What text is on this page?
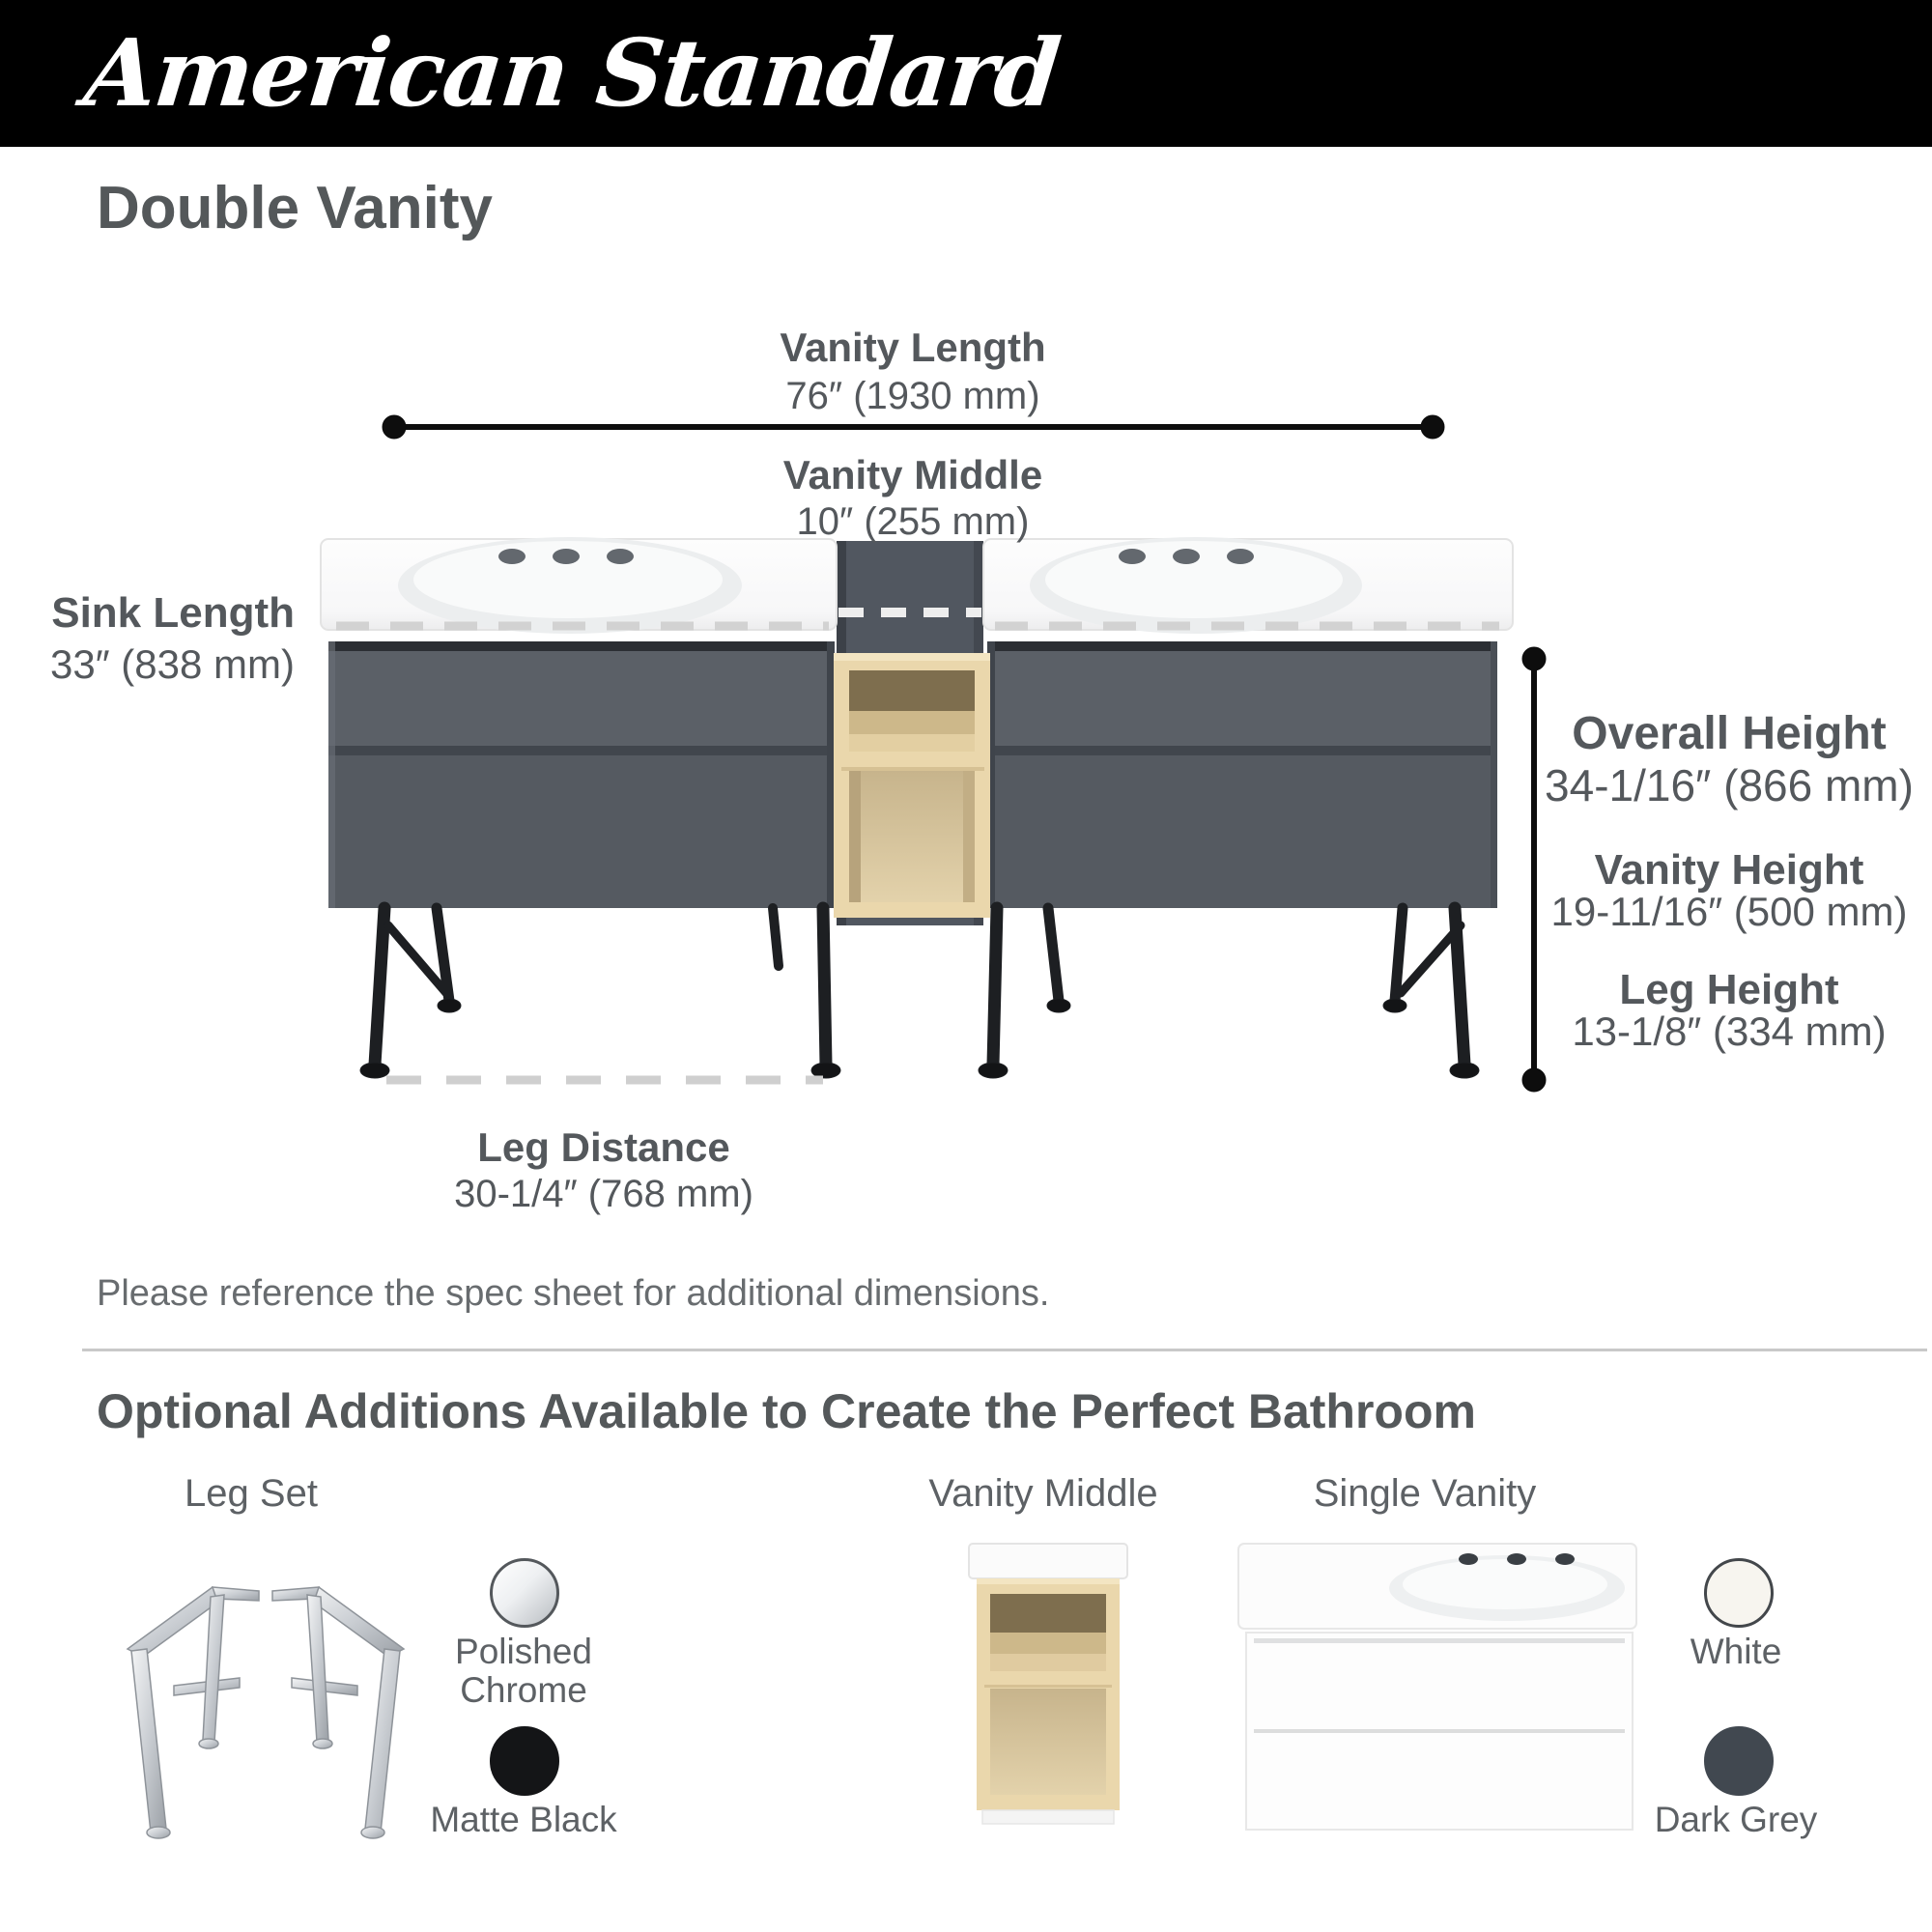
American Standard
Double Vanity
Vanity Length
76″ (1930 mm)
Vanity Middle
10″ (255 mm)
Sink Length
33″ (838 mm)
Overall Height
34-1/16″ (866 mm)
Vanity Height
19-11/16″ (500 mm)
Leg Height
13-1/8″ (334 mm)
Leg Distance
30-1/4″ (768 mm)
Please reference the spec sheet for additional dimensions.
Optional Additions Available to Create the Perfect Bathroom
Leg Set	Vanity Middle	Single Vanity
Polished Chrome
Matte Black
White
Dark Grey
